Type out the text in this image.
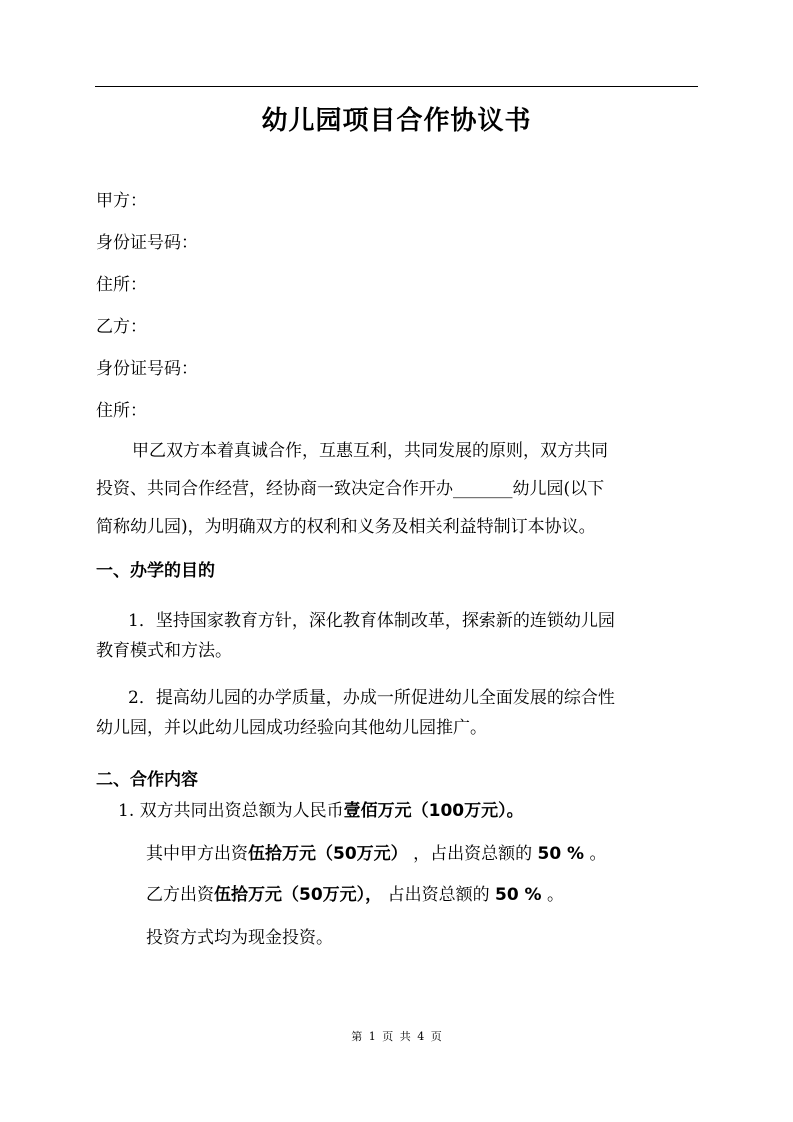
幼儿园项目合作协议书
甲方：
身份证号码：
住所：
乙方：
身份证号码：
住所：
甲乙双方本着真诚合作，互惠互利，共同发展的原则，双方共同
投资、共同合作经营，经协商一致决定合作开办_______幼儿园(以下
简称幼儿园)，为明确双方的权利和义务及相关利益特制订本协议。
一、办学的目的
1．坚持国家教育方针，深化教育体制改革，探索新的连锁幼儿园
教育模式和方法。
2．提高幼儿园的办学质量，办成一所促进幼儿全面发展的综合性
幼儿园，并以此幼儿园成功经验向其他幼儿园推广。
二、合作内容
1. 双方共同出资总额为人民币壹佰万元（100万元）。
其中甲方出资伍拾万元（50万元） ，占出资总额的 50 % 。
乙方出资伍拾万元（50万元）， 占出资总额的 50 % 。
投资方式均为现金投资。
第 1 页 共 4 页
